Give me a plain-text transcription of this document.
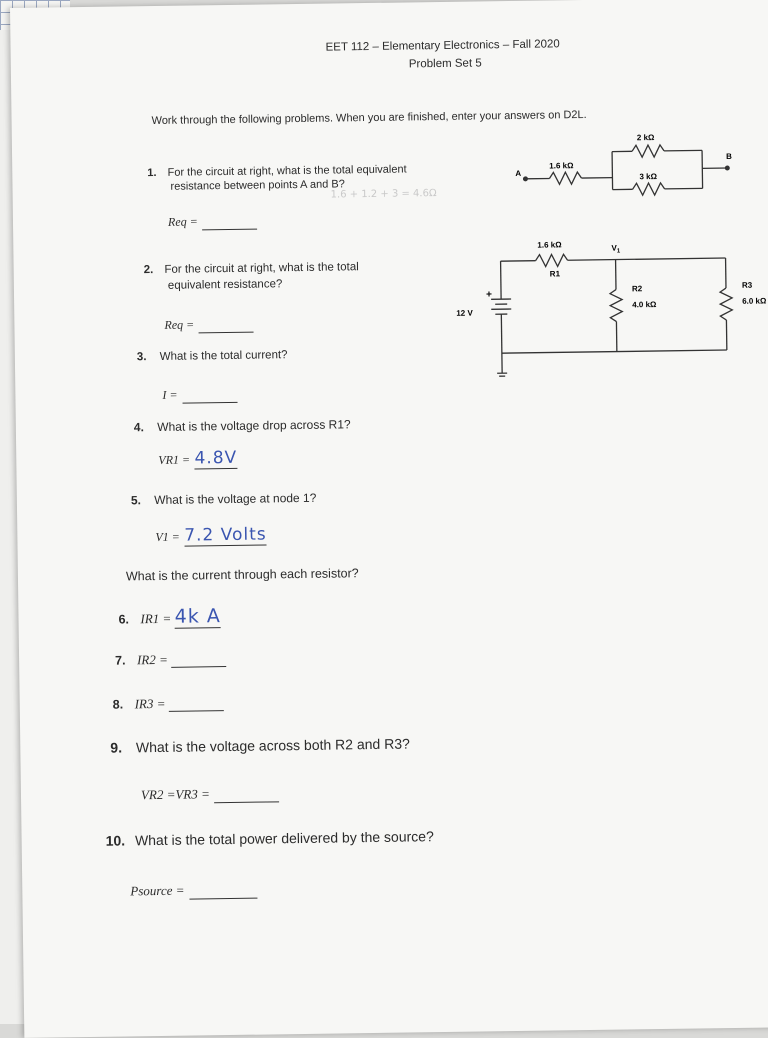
EET 112 – Elementary Electronics – Fall 2020
Problem Set 5
Work through the following problems. When you are finished, enter your answers on D2L.
1. For the circuit at right, what is the total equivalent
resistance between points A and B?
1.6 + 1.2 + 3 = 4.6Ω
Req =
A
B
1.6 kΩ
2 kΩ
3 kΩ
2. For the circuit at right, what is the total
equivalent resistance?
Req =
1.6 kΩ
R1
$V_1$
R2
4.0 kΩ
R3
6.0 kΩ
12 V
+
3. What is the total current?
I =
4. What is the voltage drop across R1?
VR1 = 4.8V
5. What is the voltage at node 1?
V1 = 7.2 Volts
What is the current through each resistor?
6. IR1 = 4k A
7. IR2 =
8. IR3 =
9. What is the voltage across both R2 and R3?
VR2 =VR3 =
10. What is the total power delivered by the source?
Psource =
